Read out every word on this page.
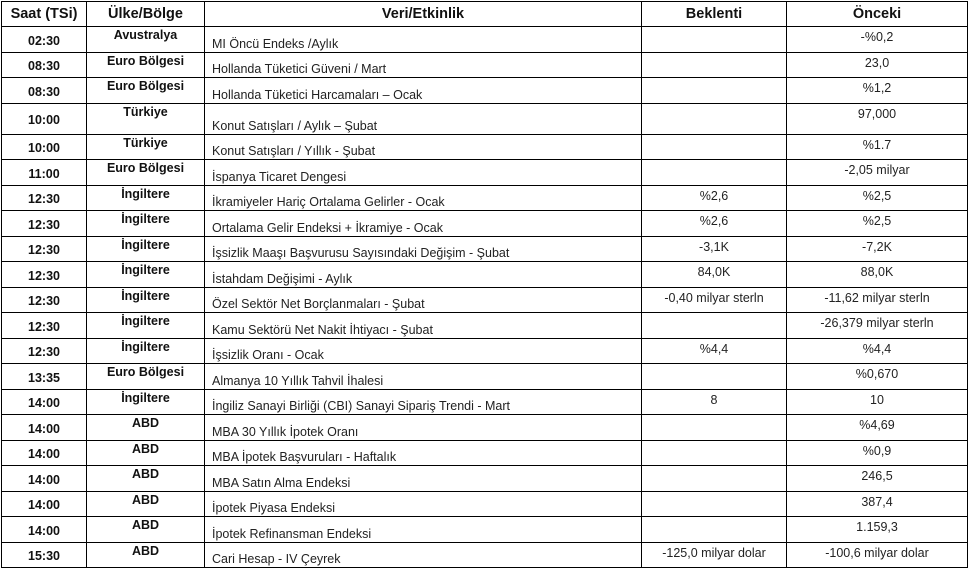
Saat (TSi)	Ülke/Bölge	Veri/Etkinlik	Beklenti	Önceki
02:30	Avustralya	MI Öncü Endeks /Aylık		-%0,2
08:30	Euro Bölgesi	Hollanda Tüketici Güveni / Mart		23,0
08:30	Euro Bölgesi	Hollanda Tüketici Harcamaları – Ocak		%1,2
10:00	Türkiye	Konut Satışları / Aylık – Şubat		97,000
10:00	Türkiye	Konut Satışları / Yıllık - Şubat		%1.7
11:00	Euro Bölgesi	İspanya Ticaret Dengesi		-2,05 milyar
12:30	İngiltere	İkramiyeler Hariç Ortalama Gelirler - Ocak	%2,6	%2,5
12:30	İngiltere	Ortalama Gelir Endeksi + İkramiye - Ocak	%2,6	%2,5
12:30	İngiltere	İşsizlik Maaşı Başvurusu Sayısındaki Değişim - Şubat	-3,1K	-7,2K
12:30	İngiltere	İstahdam Değişimi - Aylık	84,0K	88,0K
12:30	İngiltere	Özel Sektör Net Borçlanmaları - Şubat	-0,40 milyar sterln	-11,62 milyar sterln
12:30	İngiltere	Kamu Sektörü Net Nakit İhtiyacı - Şubat		-26,379 milyar sterln
12:30	İngiltere	İşsizlik Oranı - Ocak	%4,4	%4,4
13:35	Euro Bölgesi	Almanya 10 Yıllık Tahvil İhalesi		%0,670
14:00	İngiltere	İngiliz Sanayi Birliği (CBI) Sanayi Sipariş Trendi - Mart	8	10
14:00	ABD	MBA 30 Yıllık İpotek Oranı		%4,69
14:00	ABD	MBA İpotek Başvuruları - Haftalık		%0,9
14:00	ABD	MBA Satın Alma Endeksi		246,5
14:00	ABD	İpotek Piyasa Endeksi		387,4
14:00	ABD	İpotek Refinansman Endeksi		1.159,3
15:30	ABD	Cari Hesap - IV Çeyrek	-125,0 milyar dolar	-100,6 milyar dolar
